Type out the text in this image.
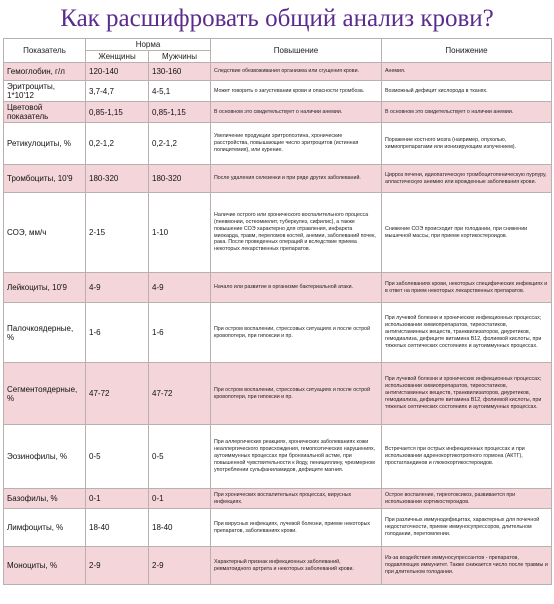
Как расшифровать общий анализ крови?
Показатель	Норма		Повышение	Понижение
	Женщины	Мужчины		
Гемоглобин, г/л	120-140	130-160	Следствие обезвоживания организма или сгущения крови.	Анемия.
Эритроциты, 1*10'12	3,7-4,7	4-5,1	Может говорить о загустевании крови и опасности тромбоза.	Возможный дефицит кислорода в тканях.
Цветовой показатель	0,85-1,15	0,85-1,15	В основном это свидетельствует о наличии анемии.	В основном это свидетельствует о наличии анемии.
Ретикулоциты, %	0,2-1,2	0,2-1,2	Увеличение продукции эритропоэтина, хронические расстройства, повышающие число эритроцитов (истинная полицитемия), или курение.	Поражение костного мозга (например, опухолью, химиопрепаратами или ионизирующим излучением).
Тромбоциты, 10'9	180-320	180-320	После удаления селезенки и при ряде других заболеваний.	Цирроз печени, идиопатическую тромбоцитопеническую пурпуру, апластическую анемию или врожденные заболевания крови.
СОЭ, мм/ч	2-15	1-10	Наличие острого или хронического воспалительного процесса (пневмонии, остеомиелит, туберкулез, сифилис), а также повышение СОЭ характерно для отравления, инфаркта миокарда, травм, переломов костей, анемии, заболеваний почек, рака. После проведенных операций и вследствие приема некоторых лекарственных препаратов.	Снижение СОЭ происходит при голодании, при снижении мышечной массы, при приеме кортикостероидов.
Лейкоциты, 10'9	4-9	4-9	Начало или развитие в организме бактериальной атаки.	При заболеваниях крови, некоторых специфических инфекциях и в ответ на прием некоторых лекарственных препаратов.
Палочкоядерные, %	1-6	1-6	При остром воспалении, стрессовых ситуациях и после острой кровопотери, при гипоксии и пр.	При лучевой болезни и хронических инфекционных процессах; использовании химиопрепаратов, тиреостатиков, антигистаминных веществ, транквилизаторов, диуретиков, гемодиализа, дефиците витамина В12, фолиевой кислоты, при тяжелых септических состояниях и аутоиммунных процессах.
Сегментоядерные, %	47-72	47-72	При остром воспалении, стрессовых ситуациях и после острой кровопотери, при гипоксии и пр.	При лучевой болезни и хронических инфекционных процессах; использовании химиопрепаратов, тиреостатиков, антигистаминных веществ, транквилизаторов, диуретиков, гемодиализа, дефиците витамина В12, фолиевой кислоты, при тяжелых септических состояниях и аутоиммунных процессах.
Эозинофилы, %	0-5	0-5	При аллергических реакциях, хронических заболеваниях кожи неаллергического происхождения, гемопоэтических нарушениях, аутоиммунных процессах при бронхиальной астме, при повышенной чувствительности к йоду, пенициллину, чрезмерном употреблении сульфаниламидов, дефиците магния.	Встречается при острых инфекционных процессах и при использовании адренокортикотропного гормона (АКТГ), простагландинов и глюкокортикостероидов.
Базофилы, %	0-1	0-1	При хронических воспалительных процессах, вирусных инфекциях.	Острое воспаление, тиреотоксикоз, развивается при использовании кортикостероидов.
Лимфоциты, %	18-40	18-40	При вирусных инфекциях, лучевой болезни, приеме некоторых препаратов, заболеваниях крови.	При различных иммунодефицитах, характерных для почечной недостаточности, приеме иммуносупрессоров, длительном голодании, перетомлении.
Моноциты, %	2-9	2-9	Характерный признак инфекционных заболеваний, ревматоидного артрита и некоторых заболеваний крови.	Из-за воздействия иммуносупрессантов - препаратов, подавляющих иммунитет. Также снижается число после травмы и при длительном голодании.
